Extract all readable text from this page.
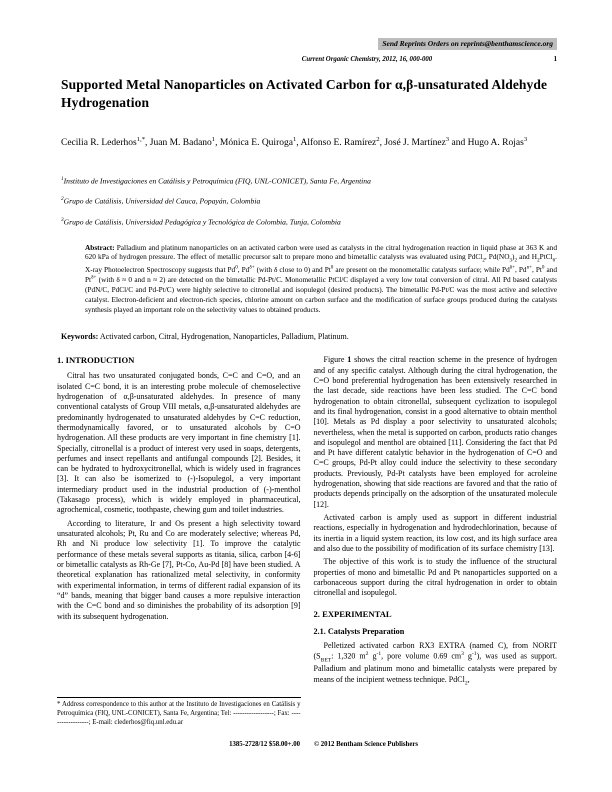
Send Reprints Orders on reprints@benthamscience.org
Current Organic Chemistry, 2012, 16, 000-000	1
Supported Metal Nanoparticles on Activated Carbon for α,β-unsaturated Aldehyde Hydrogenation

Cecilia R. Lederhos$^{1,*}$, Juan M. Badano$^1$, Mónica E. Quiroga$^1$, Alfonso E. Ramírez$^2$, José J. Martínez$^3$ and Hugo A. Rojas$^3$

$^1$Instituto de Investigaciones en Catálisis y Petroquímica (FIQ, UNL-CONICET), Santa Fe, Argentina

$^2$Grupo de Catálisis, Universidad del Cauca, Popayán, Colombia

$^3$Grupo de Catálisis, Universidad Pedagógica y Tecnológica de Colombia, Tunja, Colombia

Abstract: Palladium and platinum nanoparticles on an activated carbon were used as catalysts in the citral hydrogenation reaction in liquid phase at 363 K and 620 kPa of hydrogen pressure. The effect of metallic precursor salt to prepare mono and bimetallic catalysts was evaluated using PdCl$_2$, $Pd(NO_3)_2$ and $H_2PtCl_6$. X-ray Photoelectron Spectroscopy suggests that Pd$^0$, $Pd^{\delta+}$ (with δ close to 0) and Pt$^0$ are present on the monometallic catalysts surface; while $Pd^{\delta+}$, $Pd^{n+}$, Pt$^0$ and $Pt^{\delta+}$ (with δ ≈ 0 and n ≈ 2) are detected on the bimetallic Pd-Pt/C. Monometallic PtCl/C displayed a very low total conversion of citral. All Pd based catalysts (PdN/C, PdCl/C and Pd-Pt/C) were highly selective to citronellal and isopulegol (desired products). The bimetallic Pd-Pt/C was the most active and selective catalyst. Electron-deficient and electron-rich species, chlorine amount on carbon surface and the modification of surface groups produced during the catalysts synthesis played an important role on the selectivity values to obtained products.

Keywords: Activated carbon, Citral, Hydrogenation, Nanoparticles, Palladium, Platinum.

1. INTRODUCTION

Citral has two unsaturated conjugated bonds, C=C and C=O, and an isolated C=C bond, it is an interesting probe molecule of chemoselective hydrogenation of α,β-unsaturated aldehydes. In presence of many conventional catalysts of Group VIII metals, α,β-unsaturated aldehydes are predominantly hydrogenated to unsaturated aldehydes by C=C reduction, thermodynamically favored, or to unsaturated alcohols by C=O hydrogenation. All these products are very important in fine chemistry [1]. Specially, citronellal is a product of interest very used in soaps, detergents, perfumes and insect repellants and antifungal compounds [2]. Besides, it can be hydrated to hydroxycitronellal, which is widely used in fragrances [3]. It can also be isomerized to (-)-Isopulegol, a very important intermediary product used in the industrial production of (-)-menthol (Takasago process), which is widely employed in pharmaceutical, agrochemical, cosmetic, toothpaste, chewing gum and toilet industries.

According to literature, Ir and Os present a high selectivity toward unsaturated alcohols; Pt, Ru and Co are moderately selective; whereas Pd, Rh and Ni produce low selectivity [1]. To improve the catalytic performance of these metals several supports as titania, silica, carbon [4-6] or bimetallic catalysts as Rh-Ge [7], Pt-Co, Au-Pd [8] have been studied. A theoretical explanation has rationalized metal selectivity, in conformity with experimental information, in terms of different radial expansion of its “d” bands, meaning that bigger band causes a more repulsive interaction with the C=C bond and so diminishes the probability of its adsorption [9] with its subsequent hydrogenation.

* Address correspondence to this author at the Instituto de Investigaciones en Catálisis y Petroquímica (FIQ, UNL-CONICET), Santa Fe, Argentina; Tel: ------------------; Fax: ------------------; E-mail: clederhos@fiq.unl.edu.ar

Figure 1 shows the citral reaction scheme in the presence of hydrogen and of any specific catalyst. Although during the citral hydrogenation, the C=O bond preferential hydrogenation has been extensively researched in the last decade, side reactions have been less studied. The C=C bond hydrogenation to obtain citronellal, subsequent cyclization to isopulegol and its final hydrogenation, consist in a good alternative to obtain menthol [10]. Metals as Pd display a poor selectivity to unsaturated alcohols; nevertheless, when the metal is supported on carbon, products ratio changes and isopulegol and menthol are obtained [11]. Considering the fact that Pd and Pt have different catalytic behavior in the hydrogenation of C=O and C=C groups, Pd-Pt alloy could induce the selectivity to these secondary products. Previously, Pd-Pt catalysts have been employed for acroleine hydrogenation, showing that side reactions are favored and that the ratio of products depends principally on the adsorption of the unsaturated molecule [12].

Activated carbon is amply used as support in different industrial reactions, especially in hydrogenation and hydrodechlorination, because of its inertia in a liquid system reaction, its low cost, and its high surface area and also due to the possibility of modification of its surface chemistry [13].

The objective of this work is to study the influence of the structural properties of mono and bimetallic Pd and Pt nanoparticles supported on a carbonaceous support during the citral hydrogenation in order to obtain citronellal and isopulegol.

2. EXPERIMENTAL
2.1. Catalysts Preparation

Pelletized activated carbon RX3 EXTRA (named C), from NORIT ($S_{BET}$: 1,320 $m^2$ $g^{-1}$, pore volume 0.69 $cm^3$ $g^{-1}$), was used as support. Palladium and platinum mono and bimetallic catalysts were prepared by means of the incipient wetness technique. PdCl$_2$,

1385-2728/12 $58.00+.00 © 2012 Bentham Science Publishers
